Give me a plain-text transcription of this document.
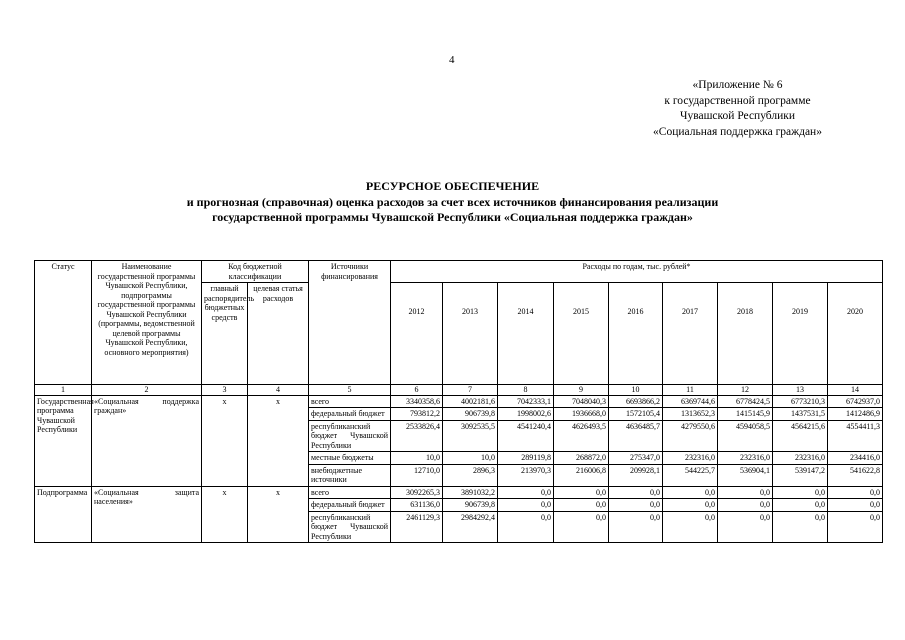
4
«Приложение № 6
к государственной программе
Чувашской Республики
«Социальная поддержка граждан»
РЕСУРСНОЕ ОБЕСПЕЧЕНИЕ
и прогнозная (справочная) оценка расходов за счет всех источников финансирования реализации
государственной программы Чувашской Республики «Социальная поддержка граждан»
Статус	Наименование государственной программы Чувашской Республики, подпрограммы государственной программы Чувашской Республики (программы, ведомственной целевой программы Чувашской Республики, основного мероприятия)	Код бюджетной классификации		Источники финансирования	Расходы по годам, тыс. рублей*								
		главный распорядитель бюджетных средств	целевая статья расходов		2012	2013	2014	2015	2016	2017	2018	2019	2020
1	2	3	4	5	6	7	8	9	10	11	12	13	14
Государственная программа Чувашской Республики	«Социальная поддержка граждан»	х	х	всего	3340358,6	4002181,6	7042333,1	7048040,3	6693866,2	6369744,6	6778424,5	6773210,3	6742937,0
				федеральный бюджет	793812,2	906739,8	1998002,6	1936668,0	1572105,4	1313652,3	1415145,9	1437531,5	1412486,9
				республиканский бюджет Чувашской Республики	2533826,4	3092535,5	4541240,4	4626493,5	4636485,7	4279550,6	4594058,5	4564215,6	4554411,3
				местные бюджеты	10,0	10,0	289119,8	268872,0	275347,0	232316,0	232316,0	232316,0	234416,0
				внебюджетные источники	12710,0	2896,3	213970,3	216006,8	209928,1	544225,7	536904,1	539147,2	541622,8
Подпрограмма	«Социальная защита населения»	х	х	всего	3092265,3	3891032,2	0,0	0,0	0,0	0,0	0,0	0,0	0,0
				федеральный бюджет	631136,0	906739,8	0,0	0,0	0,0	0,0	0,0	0,0	0,0
				республиканский бюджет Чувашской Республики	2461129,3	2984292,4	0,0	0,0	0,0	0,0	0,0	0,0	0,0
